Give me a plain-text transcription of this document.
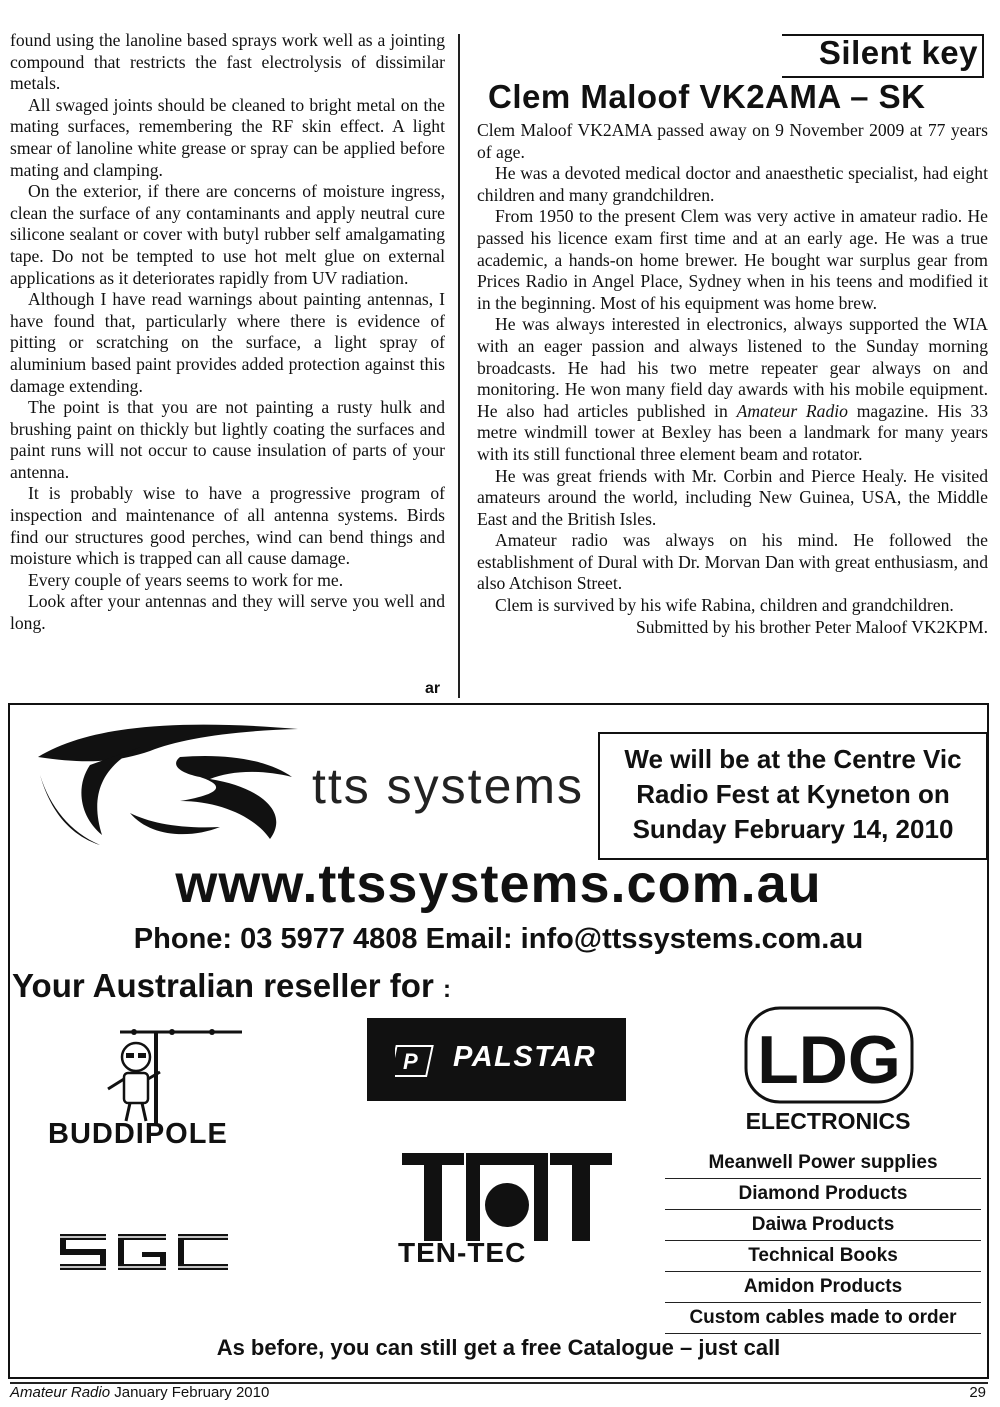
found using the lanoline based sprays work well as a jointing compound that restricts the fast electrolysis of dissimilar metals.

All swaged joints should be cleaned to bright metal on the mating surfaces, remembering the RF skin effect. A light smear of lanoline white grease or spray can be applied before mating and clamping.

On the exterior, if there are concerns of moisture ingress, clean the surface of any contaminants and apply neutral cure silicone sealant or cover with butyl rubber self amalgamating tape. Do not be tempted to use hot melt glue on external applications as it deteriorates rapidly from UV radiation.

Although I have read warnings about painting antennas, I have found that, particularly where there is evidence of pitting or scratching on the surface, a light spray of aluminium based paint provides added protection against this damage extending.

The point is that you are not painting a rusty hulk and brushing paint on thickly but lightly coating the surfaces and paint runs will not occur to cause insulation of parts of your antenna.

It is probably wise to have a progressive program of inspection and maintenance of all antenna systems. Birds find our structures good perches, wind can bend things and moisture which is trapped can all cause damage.

Every couple of years seems to work for me.

Look after your antennas and they will serve you well and long.

ar
Silent key
Clem Maloof VK2AMA – SK

Clem Maloof VK2AMA passed away on 9 November 2009 at 77 years of age.

He was a devoted medical doctor and anaesthetic specialist, had eight children and many grandchildren.

From 1950 to the present Clem was very active in amateur radio. He passed his licence exam first time and at an early age. He was a true academic, a hands-on home brewer. He bought war surplus gear from Prices Radio in Angel Place, Sydney when in his teens and modified it in the beginning. Most of his equipment was home brew.

He was always interested in electronics, always supported the WIA with an eager passion and always listened to the Sunday morning broadcasts. He had his two metre repeater gear always on and monitoring. He won many field day awards with his mobile equipment. He also had articles published in Amateur Radio magazine. His 33 metre windmill tower at Bexley has been a landmark for many years with its still functional three element beam and rotator.

He was great friends with Mr. Corbin and Pierce Healy. He visited amateurs around the world, including New Guinea, USA, the Middle East and the British Isles.

Amateur radio was always on his mind. He followed the establishment of Dural with Dr. Morvan Dan with great enthusiasm, and also Atchison Street.

Clem is survived by his wife Rabina, children and grandchildren.

Submitted by his brother Peter Maloof VK2KPM.

tts systems	We will be at the Centre Vic
Radio Fest at Kyneton on
Sunday February 14, 2010
www.ttssystems.com.au
Phone: 03 5977 4808 Email: info@ttssystems.com.au
Your Australian reseller for :
BUDDIPOLE
P PALSTAR LDG
ELECTRONICS
TEN-TEC
Meanwell Power supplies
Diamond Products
Daiwa Products
Technical Books
Amidon Products
Custom cables made to order
As before, you can still get a free Catalogue – just call
Amateur Radio January February 2010	29
